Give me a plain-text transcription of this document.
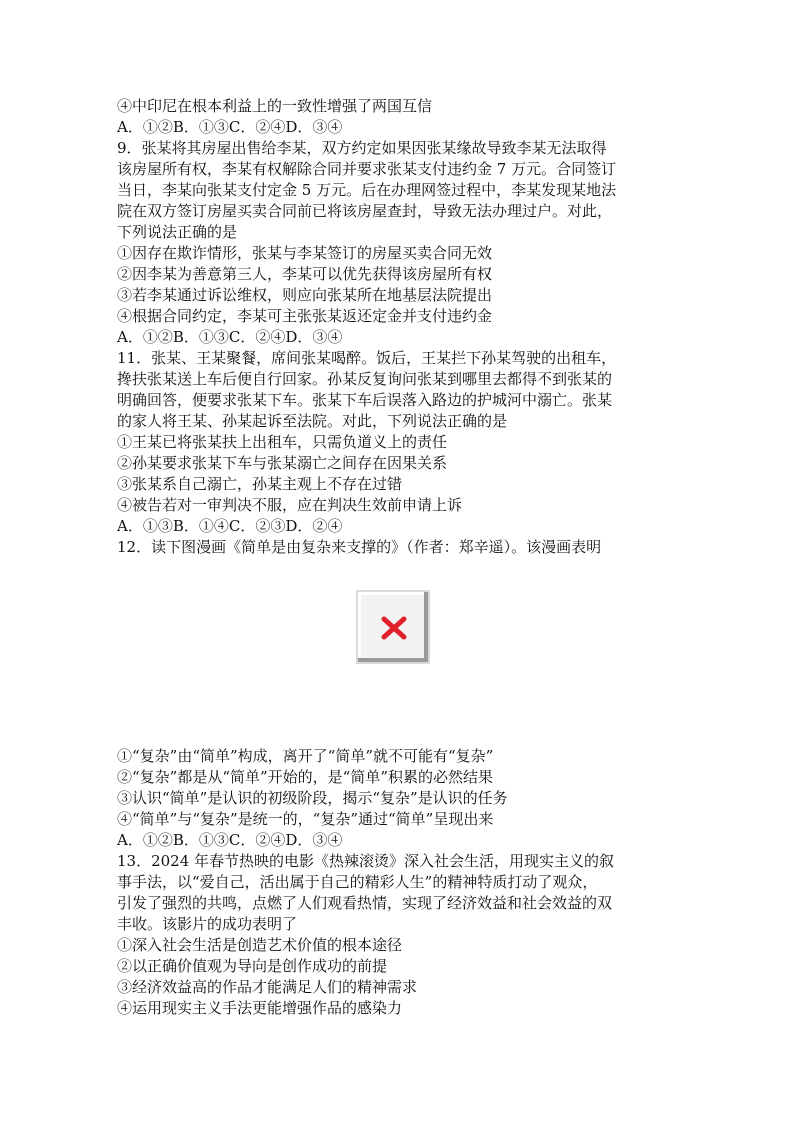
④中印尼在根本利益上的一致性增强了两国互信
A．①②B．①③C．②④D．③④
9．张某将其房屋出售给李某，双方约定如果因张某缘故导致李某无法取得
该房屋所有权，李某有权解除合同并要求张某支付违约金 7 万元。合同签订
当日，李某向张某支付定金 5 万元。后在办理网签过程中，李某发现某地法
院在双方签订房屋买卖合同前已将该房屋查封，导致无法办理过户。对此，
下列说法正确的是
①因存在欺诈情形，张某与李某签订的房屋买卖合同无效
②因李某为善意第三人，李某可以优先获得该房屋所有权
③若李某通过诉讼维权，则应向张某所在地基层法院提出
④根据合同约定，李某可主张张某返还定金并支付违约金
A．①②B．①③C．②④D．③④
11．张某、王某聚餐，席间张某喝醉。饭后，王某拦下孙某驾驶的出租车，
搀扶张某送上车后便自行回家。孙某反复询问张某到哪里去都得不到张某的
明确回答，便要求张某下车。张某下车后误落入路边的护城河中溺亡。张某
的家人将王某、孙某起诉至法院。对此，下列说法正确的是
①王某已将张某扶上出租车，只需负道义上的责任
②孙某要求张某下车与张某溺亡之间存在因果关系
③张某系自己溺亡，孙某主观上不存在过错
④被告若对一审判决不服，应在判决生效前申请上诉
A．①③B．①④C．②③D．②④
12．读下图漫画《简单是由复杂来支撑的》（作者：郑辛遥）。该漫画表明
①“复杂”由“简单”构成，离开了“简单”就不可能有“复杂”
②“复杂”都是从“简单”开始的，是“简单”积累的必然结果
③认识“简单”是认识的初级阶段，揭示“复杂”是认识的任务
④“简单”与“复杂”是统一的，“复杂”通过“简单”呈现出来
A．①②B．①③C．②④D．③④
13．2024 年春节热映的电影《热辣滚烫》深入社会生活，用现实主义的叙
事手法，以“爱自己，活出属于自己的精彩人生”的精神特质打动了观众，
引发了强烈的共鸣，点燃了人们观看热情，实现了经济效益和社会效益的双
丰收。该影片的成功表明了
①深入社会生活是创造艺术价值的根本途径
②以正确价值观为导向是创作成功的前提
③经济效益高的作品才能满足人们的精神需求
④运用现实主义手法更能增强作品的感染力
